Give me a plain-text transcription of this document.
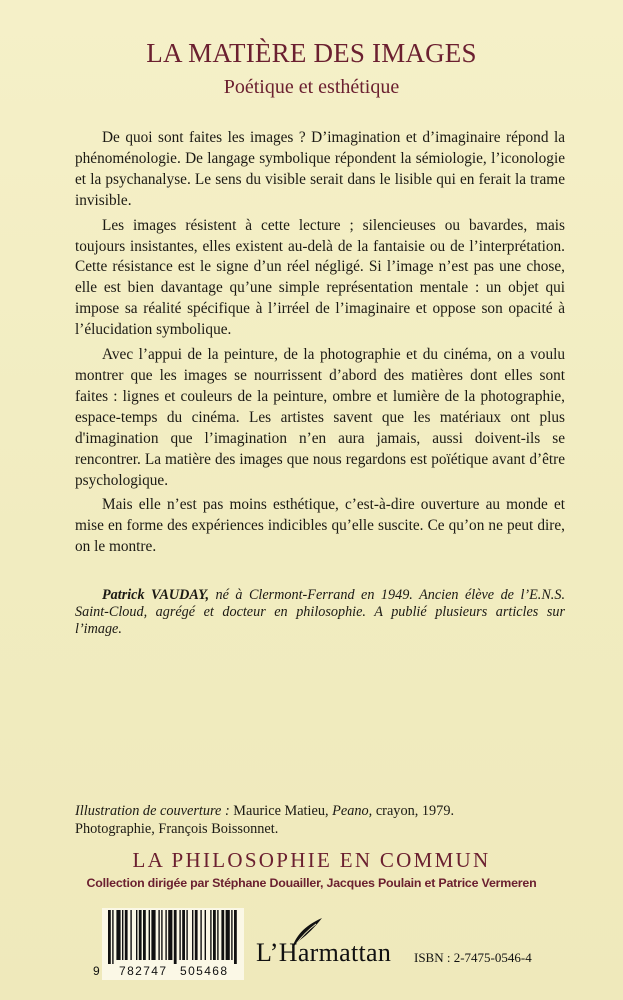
LA MATIÈRE DES IMAGES
Poétique et esthétique

De quoi sont faites les images ? D’imagination et d’imaginaire répond la phénoménologie. De langage symbolique répondent la sémiologie, l’iconologie et la psychanalyse. Le sens du visible serait dans le lisible qui en ferait la trame invisible.

Les images résistent à cette lecture ; silencieuses ou bavardes, mais toujours insistantes, elles existent au-delà de la fantaisie ou de l’interprétation. Cette résistance est le signe d’un réel négligé. Si l’image n’est pas une chose, elle est bien davantage qu’une simple représentation mentale : un objet qui impose sa réalité spécifique à l’irréel de l’imaginaire et oppose son opacité à l’élucidation symbolique.

Avec l’appui de la peinture, de la photographie et du cinéma, on a voulu montrer que les images se nourrissent d’abord des matières dont elles sont faites : lignes et couleurs de la peinture, ombre et lumière de la photographie, espace-temps du cinéma. Les artistes savent que les matériaux ont plus d'imagination que l’imagination n’en aura jamais, aussi doivent-ils se rencontrer. La matière des images que nous regardons est poïétique avant d’être psychologique.

Mais elle n’est pas moins esthétique, c’est-à-dire ouverture au monde et mise en forme des expériences indicibles qu’elle suscite. Ce qu’on ne peut dire, on le montre.

Patrick VAUDAY, né à Clermont-Ferrand en 1949. Ancien élève de l’E.N.S. Saint-Cloud, agrégé et docteur en philosophie. A publié plusieurs articles sur l’image.
Illustration de couverture : Maurice Matieu, Peano, crayon, 1979.
Photographie, François Boissonnet.
LA PHILOSOPHIE EN COMMUN
Collection dirigée par Stéphane Douailler, Jacques Poulain et Patrice Vermeren
9 782747 505468
L’Harmattan ISBN : 2-7475-0546-4
